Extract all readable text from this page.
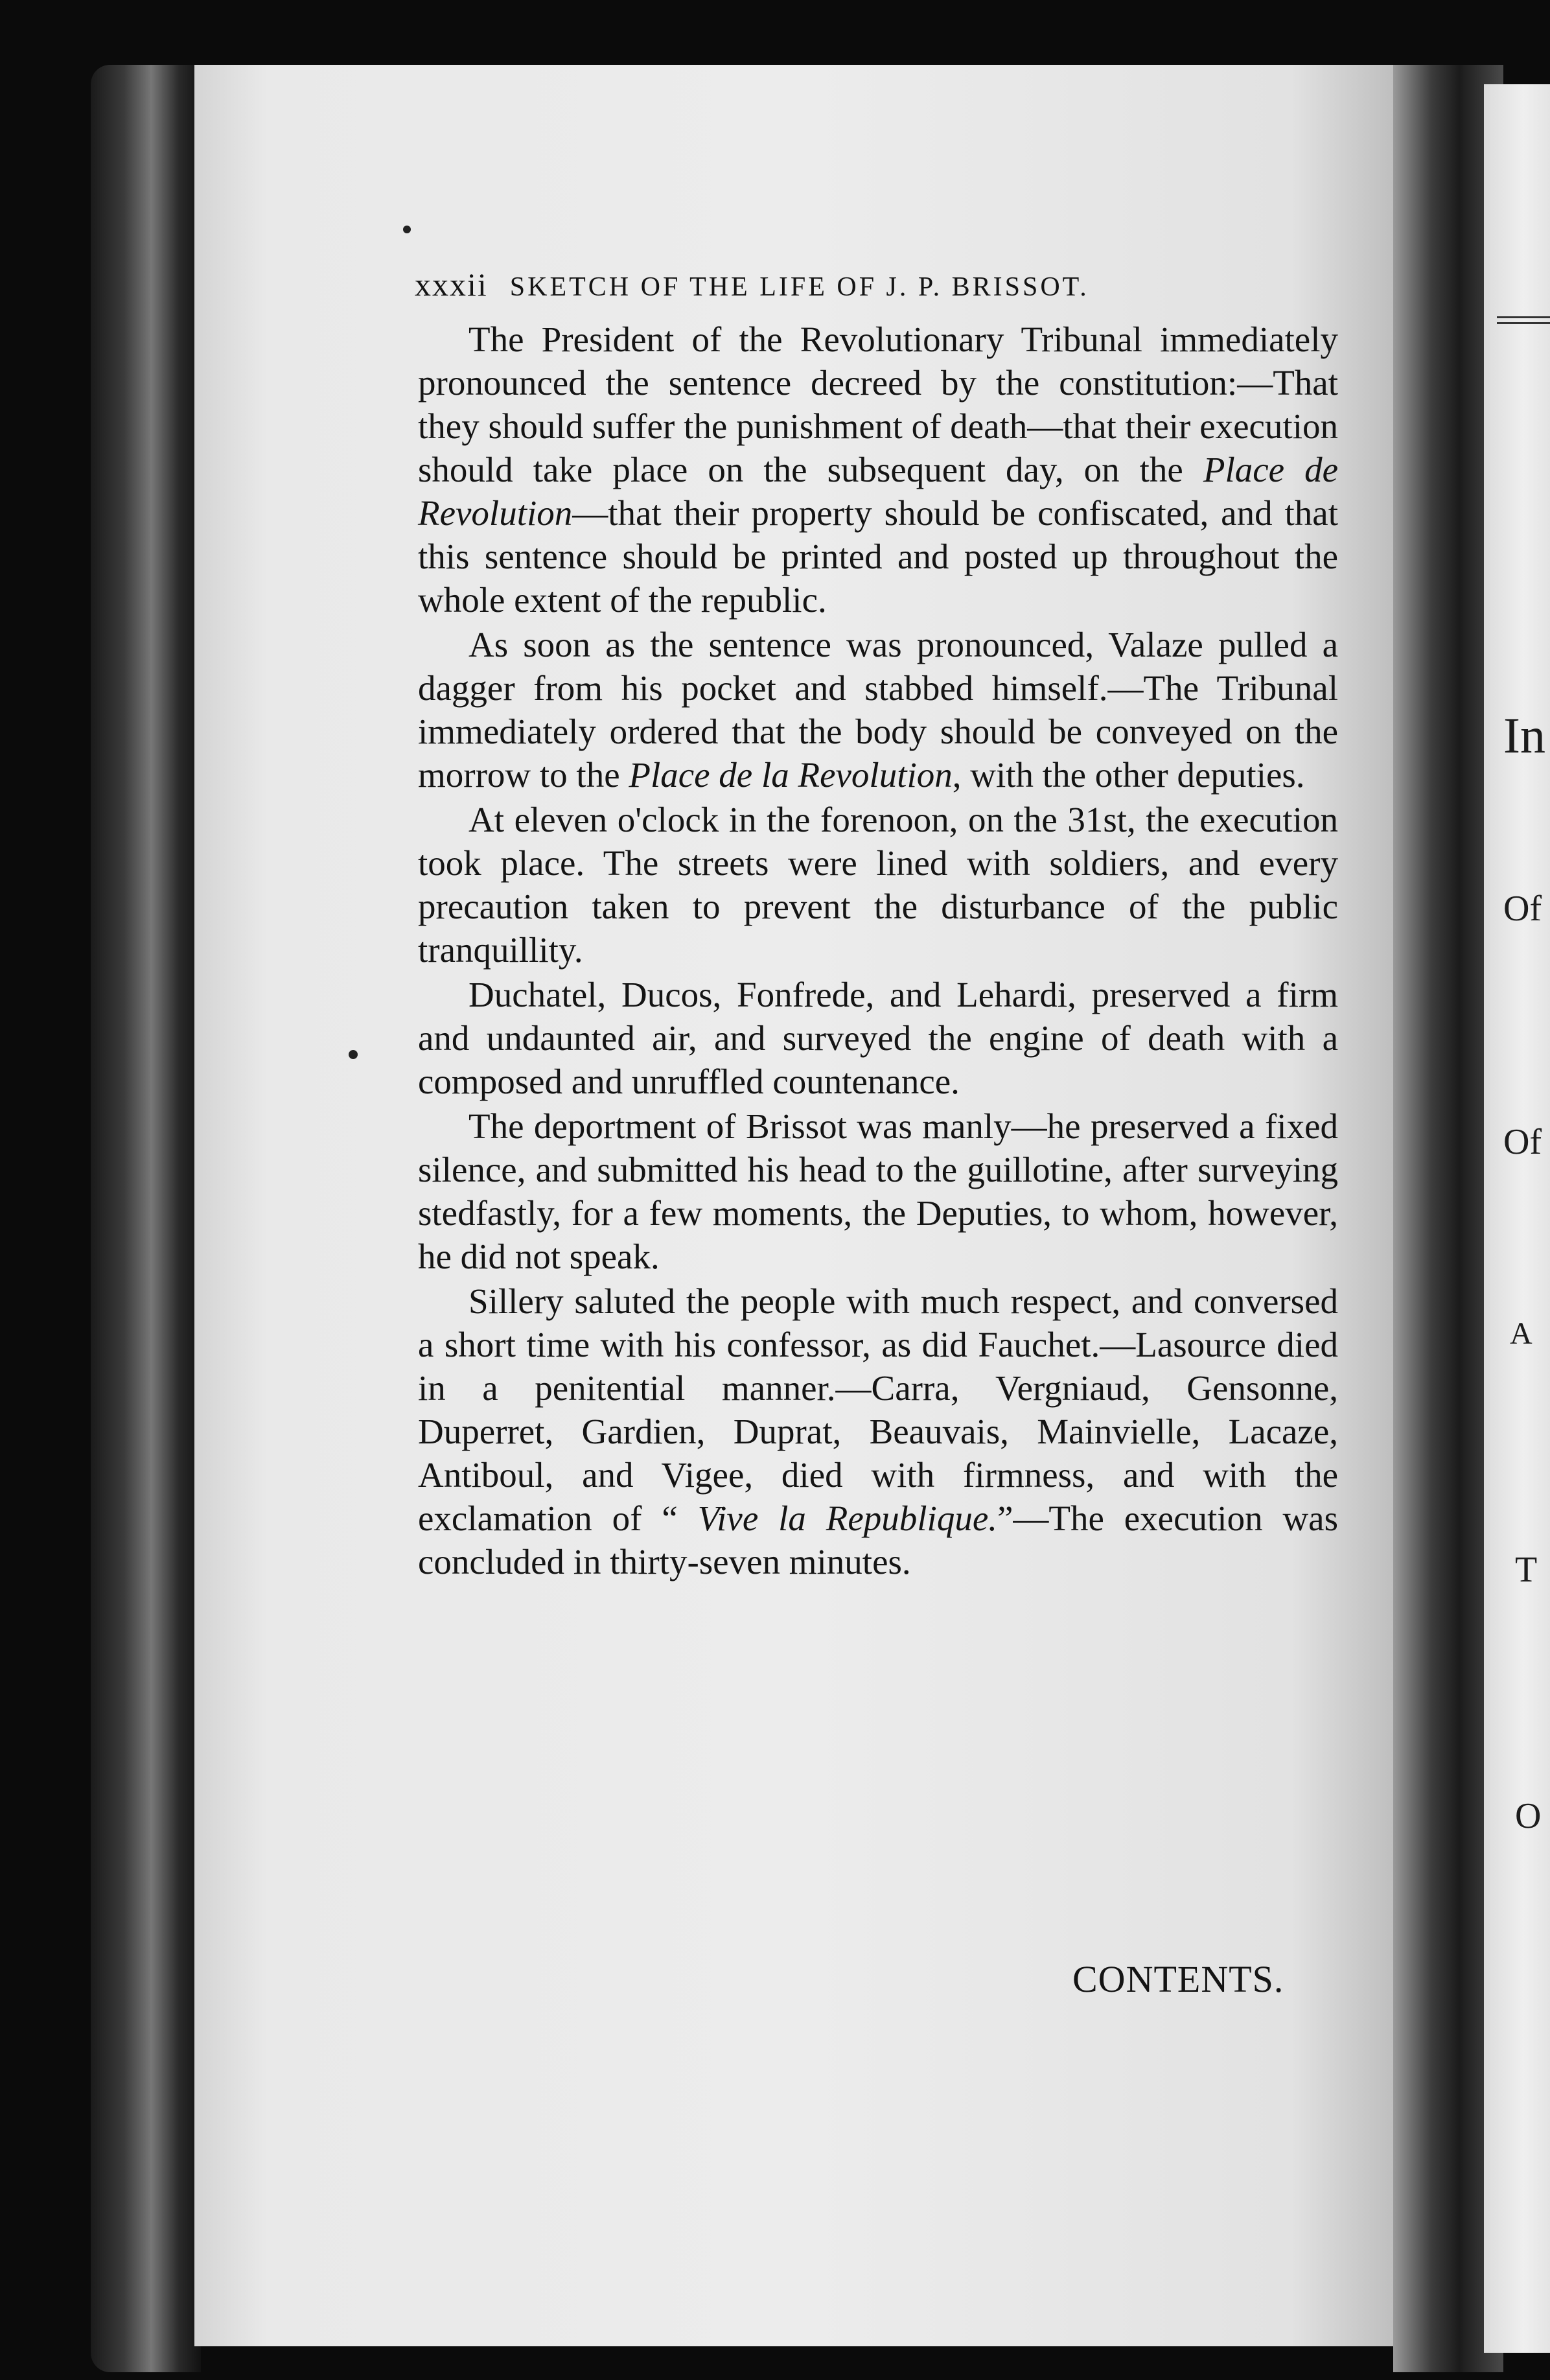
In
Of
Of
A
T
O
xxxii SKETCH OF THE LIFE OF J. P. BRISSOT.

The President of the Revolutionary Tribunal immediately pronounced the sentence decreed by the constitution:—That they should suffer the punishment of death—that their execution should take place on the subsequent day, on the Place de Revolution—that their property should be confiscated, and that this sentence should be printed and posted up throughout the whole extent of the republic.

As soon as the sentence was pronounced, Valaze pulled a dagger from his pocket and stabbed himself.—The Tribunal immediately ordered that the body should be conveyed on the morrow to the Place de la Revolution, with the other deputies.

At eleven o'clock in the forenoon, on the 31st, the execution took place. The streets were lined with soldiers, and every precaution taken to prevent the disturbance of the public tranquillity.

Duchatel, Ducos, Fonfrede, and Lehardi, preserved a firm and undaunted air, and surveyed the engine of death with a composed and unruffled countenance.

The deportment of Brissot was manly—he preserved a fixed silence, and submitted his head to the guillotine, after surveying stedfastly, for a few moments, the Deputies, to whom, however, he did not speak.

Sillery saluted the people with much respect, and conversed a short time with his confessor, as did Fauchet.—Lasource died in a penitential manner.—Carra, Vergniaud, Gensonne, Duperret, Gardien, Duprat, Beauvais, Mainvielle, Lacaze, Antiboul, and Vigee, died with firmness, and with the exclamation of “ Vive la Republique.”—The execution was concluded in thirty-seven minutes.

CONTENTS.
